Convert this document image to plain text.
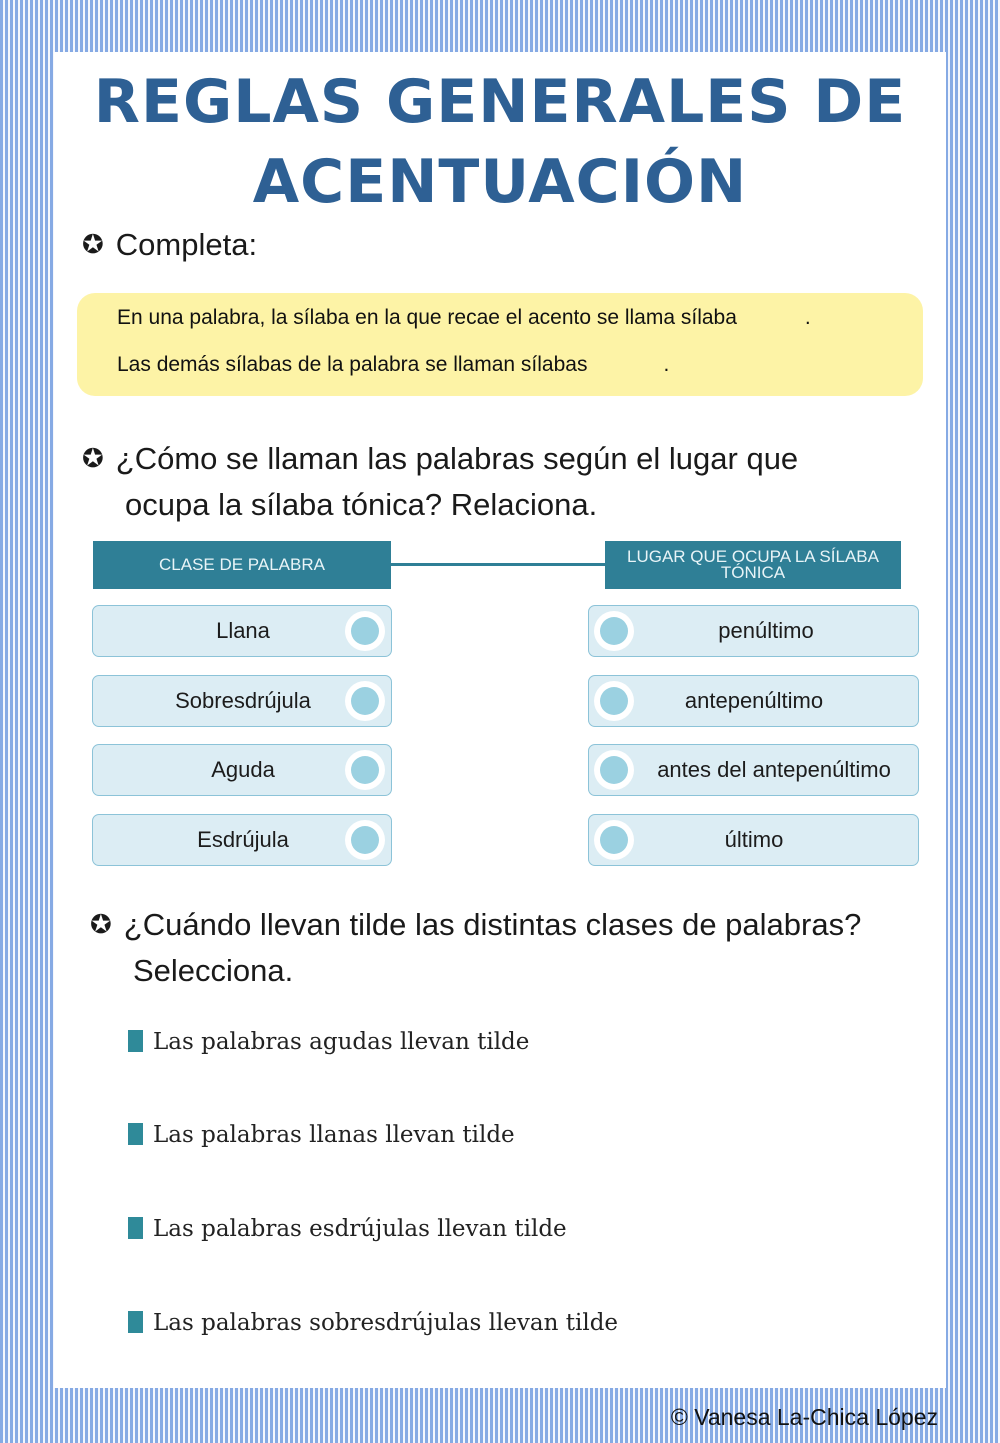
REGLAS GENERALES DE
ACENTUACIÓN
✪ Completa:
En una palabra, la sílaba en la que recae el acento se llama sílaba	.
Las demás sílabas de la palabra se llaman sílabas	.
✪ ¿Cómo se llaman las palabras según el lugar que
ocupa la sílaba tónica? Relaciona.
CLASE DE PALABRA	LUGAR QUE OCUPA LA SÍLABA
TÓNICA
Llana
Sobresdrújula
Aguda
Esdrújula
penúltimo
antepenúltimo
antes del antepenúltimo
último
✪ ¿Cuándo llevan tilde las distintas clases de palabras?
Selecciona.
Las palabras agudas llevan tilde
Las palabras llanas llevan tilde
Las palabras esdrújulas llevan tilde
Las palabras sobresdrújulas llevan tilde
© Vanesa La-Chica López
